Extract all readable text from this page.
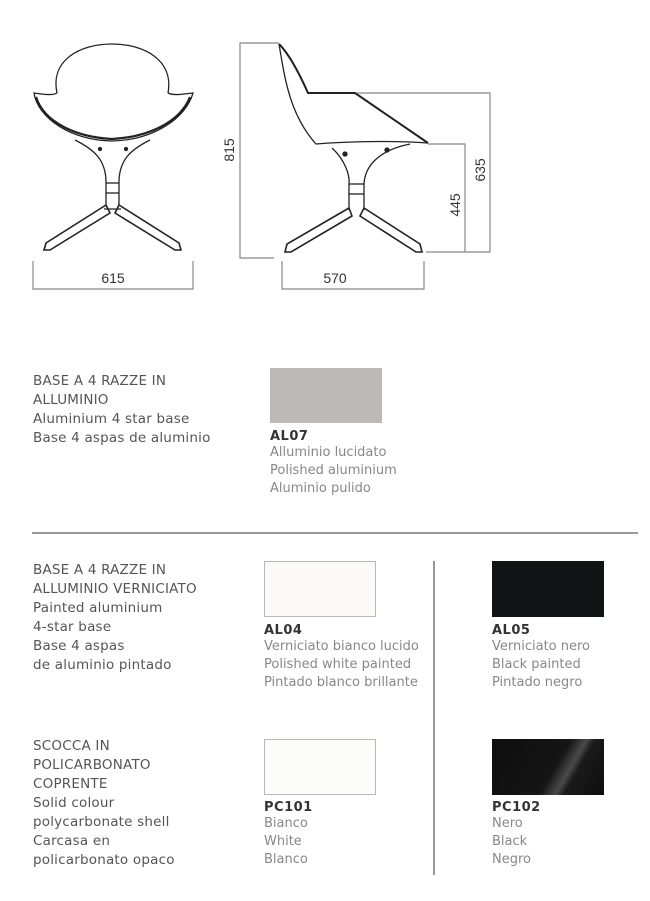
615	570
815
635
445
BASE A 4 RAZZE IN
ALLUMINIO
Aluminium 4 star base
Base 4 aspas de aluminio	AL07
Alluminio lucidato
Polished aluminium
Aluminio pulido
BASE A 4 RAZZE IN
ALLUMINIO VERNICIATO
Painted aluminium
4-star base
Base 4 aspas
de aluminio pintado
AL04
Verniciato bianco lucido
Polished white painted
Pintado blanco brillante
AL05
Verniciato nero
Black painted
Pintado negro
SCOCCA IN
POLICARBONATO
COPRENTE
Solid colour
polycarbonate shell
Carcasa en
policarbonato opaco
PC101
Bianco
White
Blanco
PC102
Nero
Black
Negro
